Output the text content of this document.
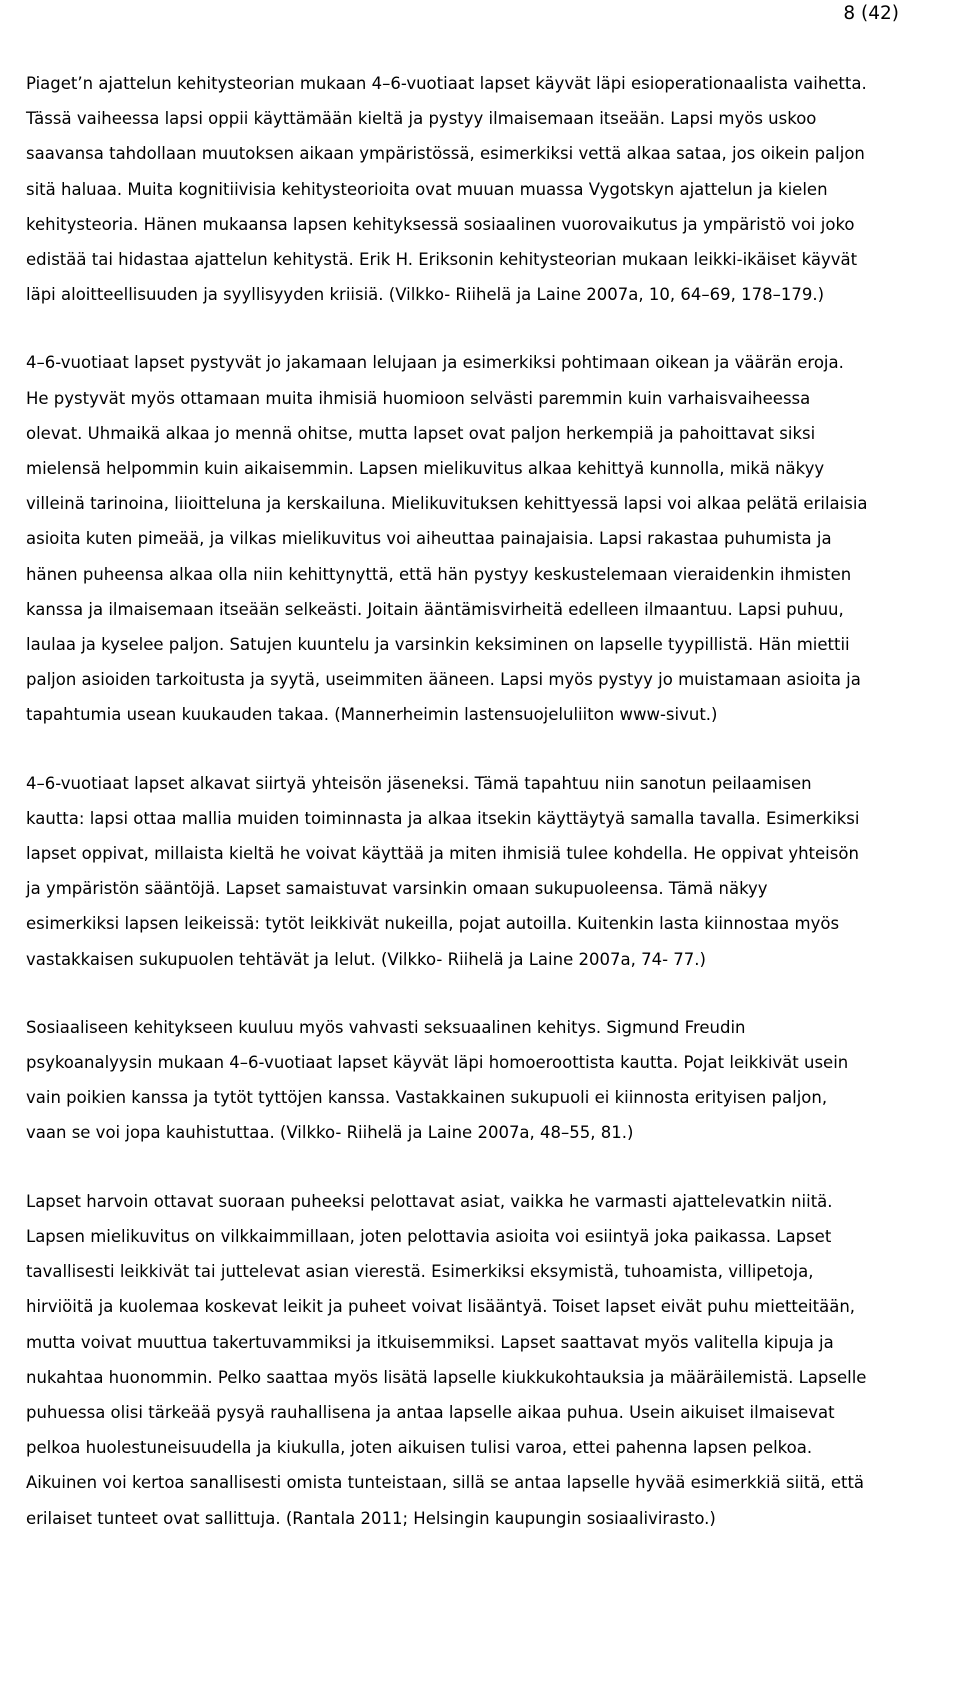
8 (42)

Piaget’n ajattelun kehitysteorian mukaan 4–6-vuotiaat lapset käyvät läpi esioperationaalista vaihetta.
Tässä vaiheessa lapsi oppii käyttämään kieltä ja pystyy ilmaisemaan itseään. Lapsi myös uskoo
saavansa tahdollaan muutoksen aikaan ympäristössä, esimerkiksi vettä alkaa sataa, jos oikein paljon
sitä haluaa. Muita kognitiivisia kehitysteorioita ovat muuan muassa Vygotskyn ajattelun ja kielen
kehitysteoria. Hänen mukaansa lapsen kehityksessä sosiaalinen vuorovaikutus ja ympäristö voi joko
edistää tai hidastaa ajattelun kehitystä. Erik H. Eriksonin kehitysteorian mukaan leikki-ikäiset käyvät
läpi aloitteellisuuden ja syyllisyyden kriisiä. (Vilkko- Riihelä ja Laine 2007a, 10, 64–69, 178–179.)

4–6-vuotiaat lapset pystyvät jo jakamaan lelujaan ja esimerkiksi pohtimaan oikean ja väärän eroja.
He pystyvät myös ottamaan muita ihmisiä huomioon selvästi paremmin kuin varhaisvaiheessa
olevat. Uhmaikä alkaa jo mennä ohitse, mutta lapset ovat paljon herkempiä ja pahoittavat siksi
mielensä helpommin kuin aikaisemmin. Lapsen mielikuvitus alkaa kehittyä kunnolla, mikä näkyy
villeinä tarinoina, liioitteluna ja kerskailuna. Mielikuvituksen kehittyessä lapsi voi alkaa pelätä erilaisia
asioita kuten pimeää, ja vilkas mielikuvitus voi aiheuttaa painajaisia. Lapsi rakastaa puhumista ja
hänen puheensa alkaa olla niin kehittynyttä, että hän pystyy keskustelemaan vieraidenkin ihmisten
kanssa ja ilmaisemaan itseään selkeästi. Joitain ääntämisvirheitä edelleen ilmaantuu. Lapsi puhuu,
laulaa ja kyselee paljon. Satujen kuuntelu ja varsinkin keksiminen on lapselle tyypillistä. Hän miettii
paljon asioiden tarkoitusta ja syytä, useimmiten ääneen. Lapsi myös pystyy jo muistamaan asioita ja
tapahtumia usean kuukauden takaa. (Mannerheimin lastensuojeluliiton www-sivut.)

4–6-vuotiaat lapset alkavat siirtyä yhteisön jäseneksi. Tämä tapahtuu niin sanotun peilaamisen
kautta: lapsi ottaa mallia muiden toiminnasta ja alkaa itsekin käyttäytyä samalla tavalla. Esimerkiksi
lapset oppivat, millaista kieltä he voivat käyttää ja miten ihmisiä tulee kohdella. He oppivat yhteisön
ja ympäristön sääntöjä. Lapset samaistuvat varsinkin omaan sukupuoleensa. Tämä näkyy
esimerkiksi lapsen leikeissä: tytöt leikkivät nukeilla, pojat autoilla. Kuitenkin lasta kiinnostaa myös
vastakkaisen sukupuolen tehtävät ja lelut. (Vilkko- Riihelä ja Laine 2007a, 74- 77.)

Sosiaaliseen kehitykseen kuuluu myös vahvasti seksuaalinen kehitys. Sigmund Freudin
psykoanalyysin mukaan 4–6-vuotiaat lapset käyvät läpi homoeroottista kautta. Pojat leikkivät usein
vain poikien kanssa ja tytöt tyttöjen kanssa. Vastakkainen sukupuoli ei kiinnosta erityisen paljon,
vaan se voi jopa kauhistuttaa. (Vilkko- Riihelä ja Laine 2007a, 48–55, 81.)

Lapset harvoin ottavat suoraan puheeksi pelottavat asiat, vaikka he varmasti ajattelevatkin niitä.
Lapsen mielikuvitus on vilkkaimmillaan, joten pelottavia asioita voi esiintyä joka paikassa. Lapset
tavallisesti leikkivät tai juttelevat asian vierestä. Esimerkiksi eksymistä, tuhoamista, villipetoja,
hirviöitä ja kuolemaa koskevat leikit ja puheet voivat lisääntyä. Toiset lapset eivät puhu mietteitään,
mutta voivat muuttua takertuvammiksi ja itkuisemmiksi. Lapset saattavat myös valitella kipuja ja
nukahtaa huonommin. Pelko saattaa myös lisätä lapselle kiukkukohtauksia ja määräilemistä. Lapselle
puhuessa olisi tärkeää pysyä rauhallisena ja antaa lapselle aikaa puhua. Usein aikuiset ilmaisevat
pelkoa huolestuneisuudella ja kiukulla, joten aikuisen tulisi varoa, ettei pahenna lapsen pelkoa.
Aikuinen voi kertoa sanallisesti omista tunteistaan, sillä se antaa lapselle hyvää esimerkkiä siitä, että
erilaiset tunteet ovat sallittuja. (Rantala 2011; Helsingin kaupungin sosiaalivirasto.)
